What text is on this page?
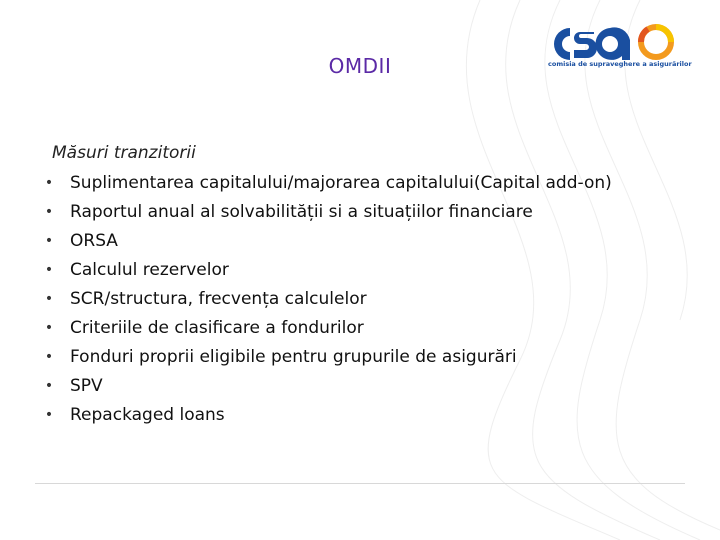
OMDII	comisia de supraveghere a asigurărilor
Măsuri tranzitorii
• Suplimentarea capitalului/majorarea capitalului(Capital add-on)
• Raportul anual al solvabilității si a situațiilor financiare
• ORSA
• Calculul rezervelor
• SCR/structura, frecvența calculelor
• Criteriile de clasificare a fondurilor
• Fonduri proprii eligibile pentru grupurile de asigurări
• SPV
• Repackaged loans
